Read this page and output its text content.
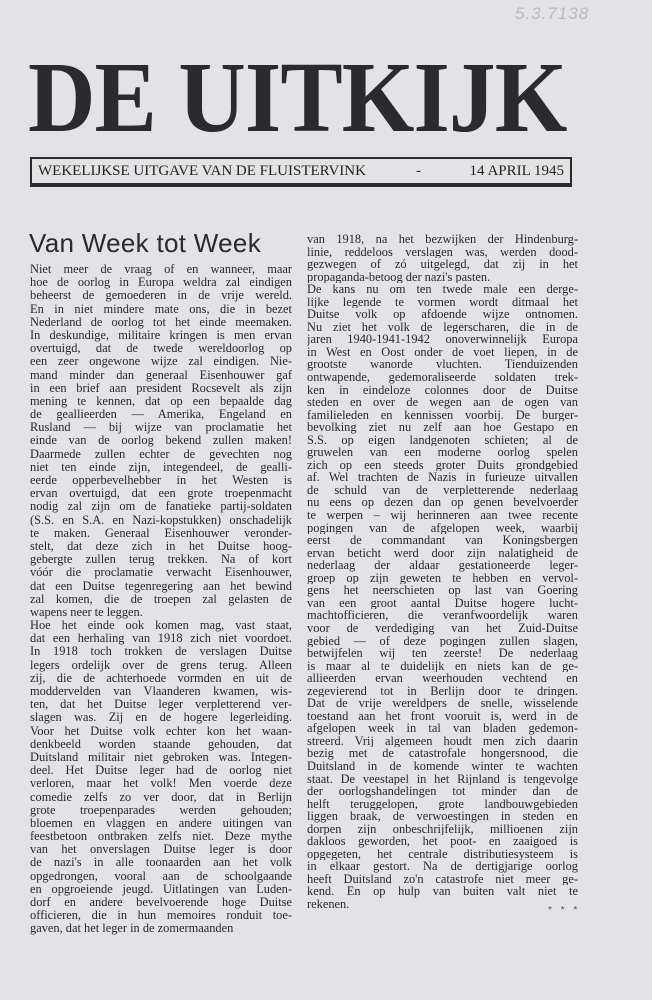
5.3.7138
DE UITKIJK
WEKELIJKSE UITGAVE VAN DE FLUISTERVINK	-	14 APRIL 1945
Van Week tot Week
Niet meer de vraag of en wanneer, maar
hoe de oorlog in Europa weldra zal eindigen
beheerst de gemoederen in de vrije wereld.
En in niet mindere mate ons, die in bezet
Nederland de oorlog tot het einde meemaken.
In deskundige, militaire kringen is men ervan
overtuigd, dat de twede wereldoorlog op
een zeer ongewone wijze zal eindigen. Nie-
mand minder dan generaal Eisenhouwer gaf
in een brief aan president Rocsevelt als zijn
mening te kennen, dat op een bepaalde dag
de geallieerden — Amerika, Engeland en
Rusland — bij wijze van proclamatie het
einde van de oorlog bekend zullen maken!
Daarmede zullen echter de gevechten nog
niet ten einde zijn, integendeel, de gealli-
eerde opperbevelhebber in het Westen is
ervan overtuigd, dat een grote troepenmacht
nodig zal zijn om de fanatieke partij-soldaten
(S.S. en S.A. en Nazi-kopstukken) onschadelijk
te maken. Generaal Eisenhouwer veronder-
stelt, dat deze zich in het Duitse hoog-
gebergte zullen terug trekken. Na of kort
vóór die proclamatie verwacht Eisenhouwer,
dat een Duitse tegenregering aan het bewind
zal komen, die de troepen zal gelasten de
wapens neer te leggen.
Hoe het einde ook komen mag, vast staat,
dat een herhaling van 1918 zich niet voordoet.
In 1918 toch trokken de verslagen Duitse
legers ordelijk over de grens terug. Alleen
zij, die de achterhoede vormden en uit de
moddervelden van Vlaanderen kwamen, wis-
ten, dat het Duitse leger verpletterend ver-
slagen was. Zij en de hogere legerleiding.
Voor het Duitse volk echter kon het waan-
denkbeeld worden staande gehouden, dat
Duitsland militair niet gebroken was. Integen-
deel. Het Duitse leger had de oorlog niet
verloren, maar het volk! Men voerde deze
comedie zelfs zo ver door, dat in Berlijn
grote troepenparades werden gehouden;
bloemen en vlaggen en andere uitingen van
feestbetoon ontbraken zelfs niet. Deze mythe
van het onverslagen Duitse leger is door
de nazi's in alle toonaarden aan het volk
opgedrongen, vooral aan de schoolgaande
en opgroeiende jeugd. Uitlatingen van Luden-
dorf en andere bevelvoerende hoge Duitse
officieren, die in hun memoires ronduit toe-
gaven, dat het leger in de zomermaanden
van 1918, na het bezwijken der Hindenburg-
linie, reddeloos verslagen was, werden dood-
gezwegen of zó uitgelegd, dat zij in het
propaganda-betoog der nazi's pasten.
De kans nu om ten twede male een derge-
lijke legende te vormen wordt ditmaal het
Duitse volk op afdoende wijze ontnomen.
Nu ziet het volk de legerscharen, die in de
jaren 1940-1941-1942 onoverwinnelijk Europa
in West en Oost onder de voet liepen, in de
grootste wanorde vluchten. Tienduizenden
ontwapende, gedemoraliseerde soldaten trek-
ken in eindeloze colonnes door de Duitse
steden en over de wegen aan de ogen van
familieleden en kennissen voorbij. De burger-
bevolking ziet nu zelf aan hoe Gestapo en
S.S. op eigen landgenoten schieten; al de
gruwelen van een moderne oorlog spelen
zich op een steeds groter Duits grondgebied
af. Wel trachten de Nazis in furieuze uitvallen
de schuld van de verpletterende nederlaag
nu eens op dezen dan op genen bevelvoerder
te werpen – wij herinneren aan twee recente
pogingen van de afgelopen week, waarbij
eerst de commandant van Koningsbergen
ervan beticht werd door zijn nalatigheid de
nederlaag der aldaar gestationeerde leger-
groep op zijn geweten te hebben en vervol-
gens het neerschieten op last van Goering
van een groot aantal Duitse hogere lucht-
machtofficieren, die veranfwoordelijk waren
voor de verdediging van het Zuid-Duitse
gebied — of deze pogingen zullen slagen,
betwijfelen wij ten zeerste! De nederlaag
is maar al te duidelijk en niets kan de ge-
allieerden ervan weerhouden vechtend en
zegevierend tot in Berlijn door te dringen.
Dat de vrije wereldpers de snelle, wisselende
toestand aan het front vooruit is, werd in de
afgelopen week in tal van bladen gedemon-
streerd. Vrij algemeen houdt men zich daarin
bezig met de catastrofale hongersnood, die
Duitsland in de komende winter te wachten
staat. De veestapel in het Rijnland is tengevolge
der oorlogshandelingen tot minder dan de
helft teruggelopen, grote landbouwgebieden
liggen braak, de verwoestingen in steden en
dorpen zijn onbeschrijfelijk, millioenen zijn
dakloos geworden, het poot- en zaaigoed is
opgegeten, het centrale distributiesysteem is
in elkaar gestort. Na de dertigjarige oorlog
heeft Duitsland zo'n catastrofe niet meer ge-
kend. En op hulp van buiten valt niet te
rekenen.	* * *
